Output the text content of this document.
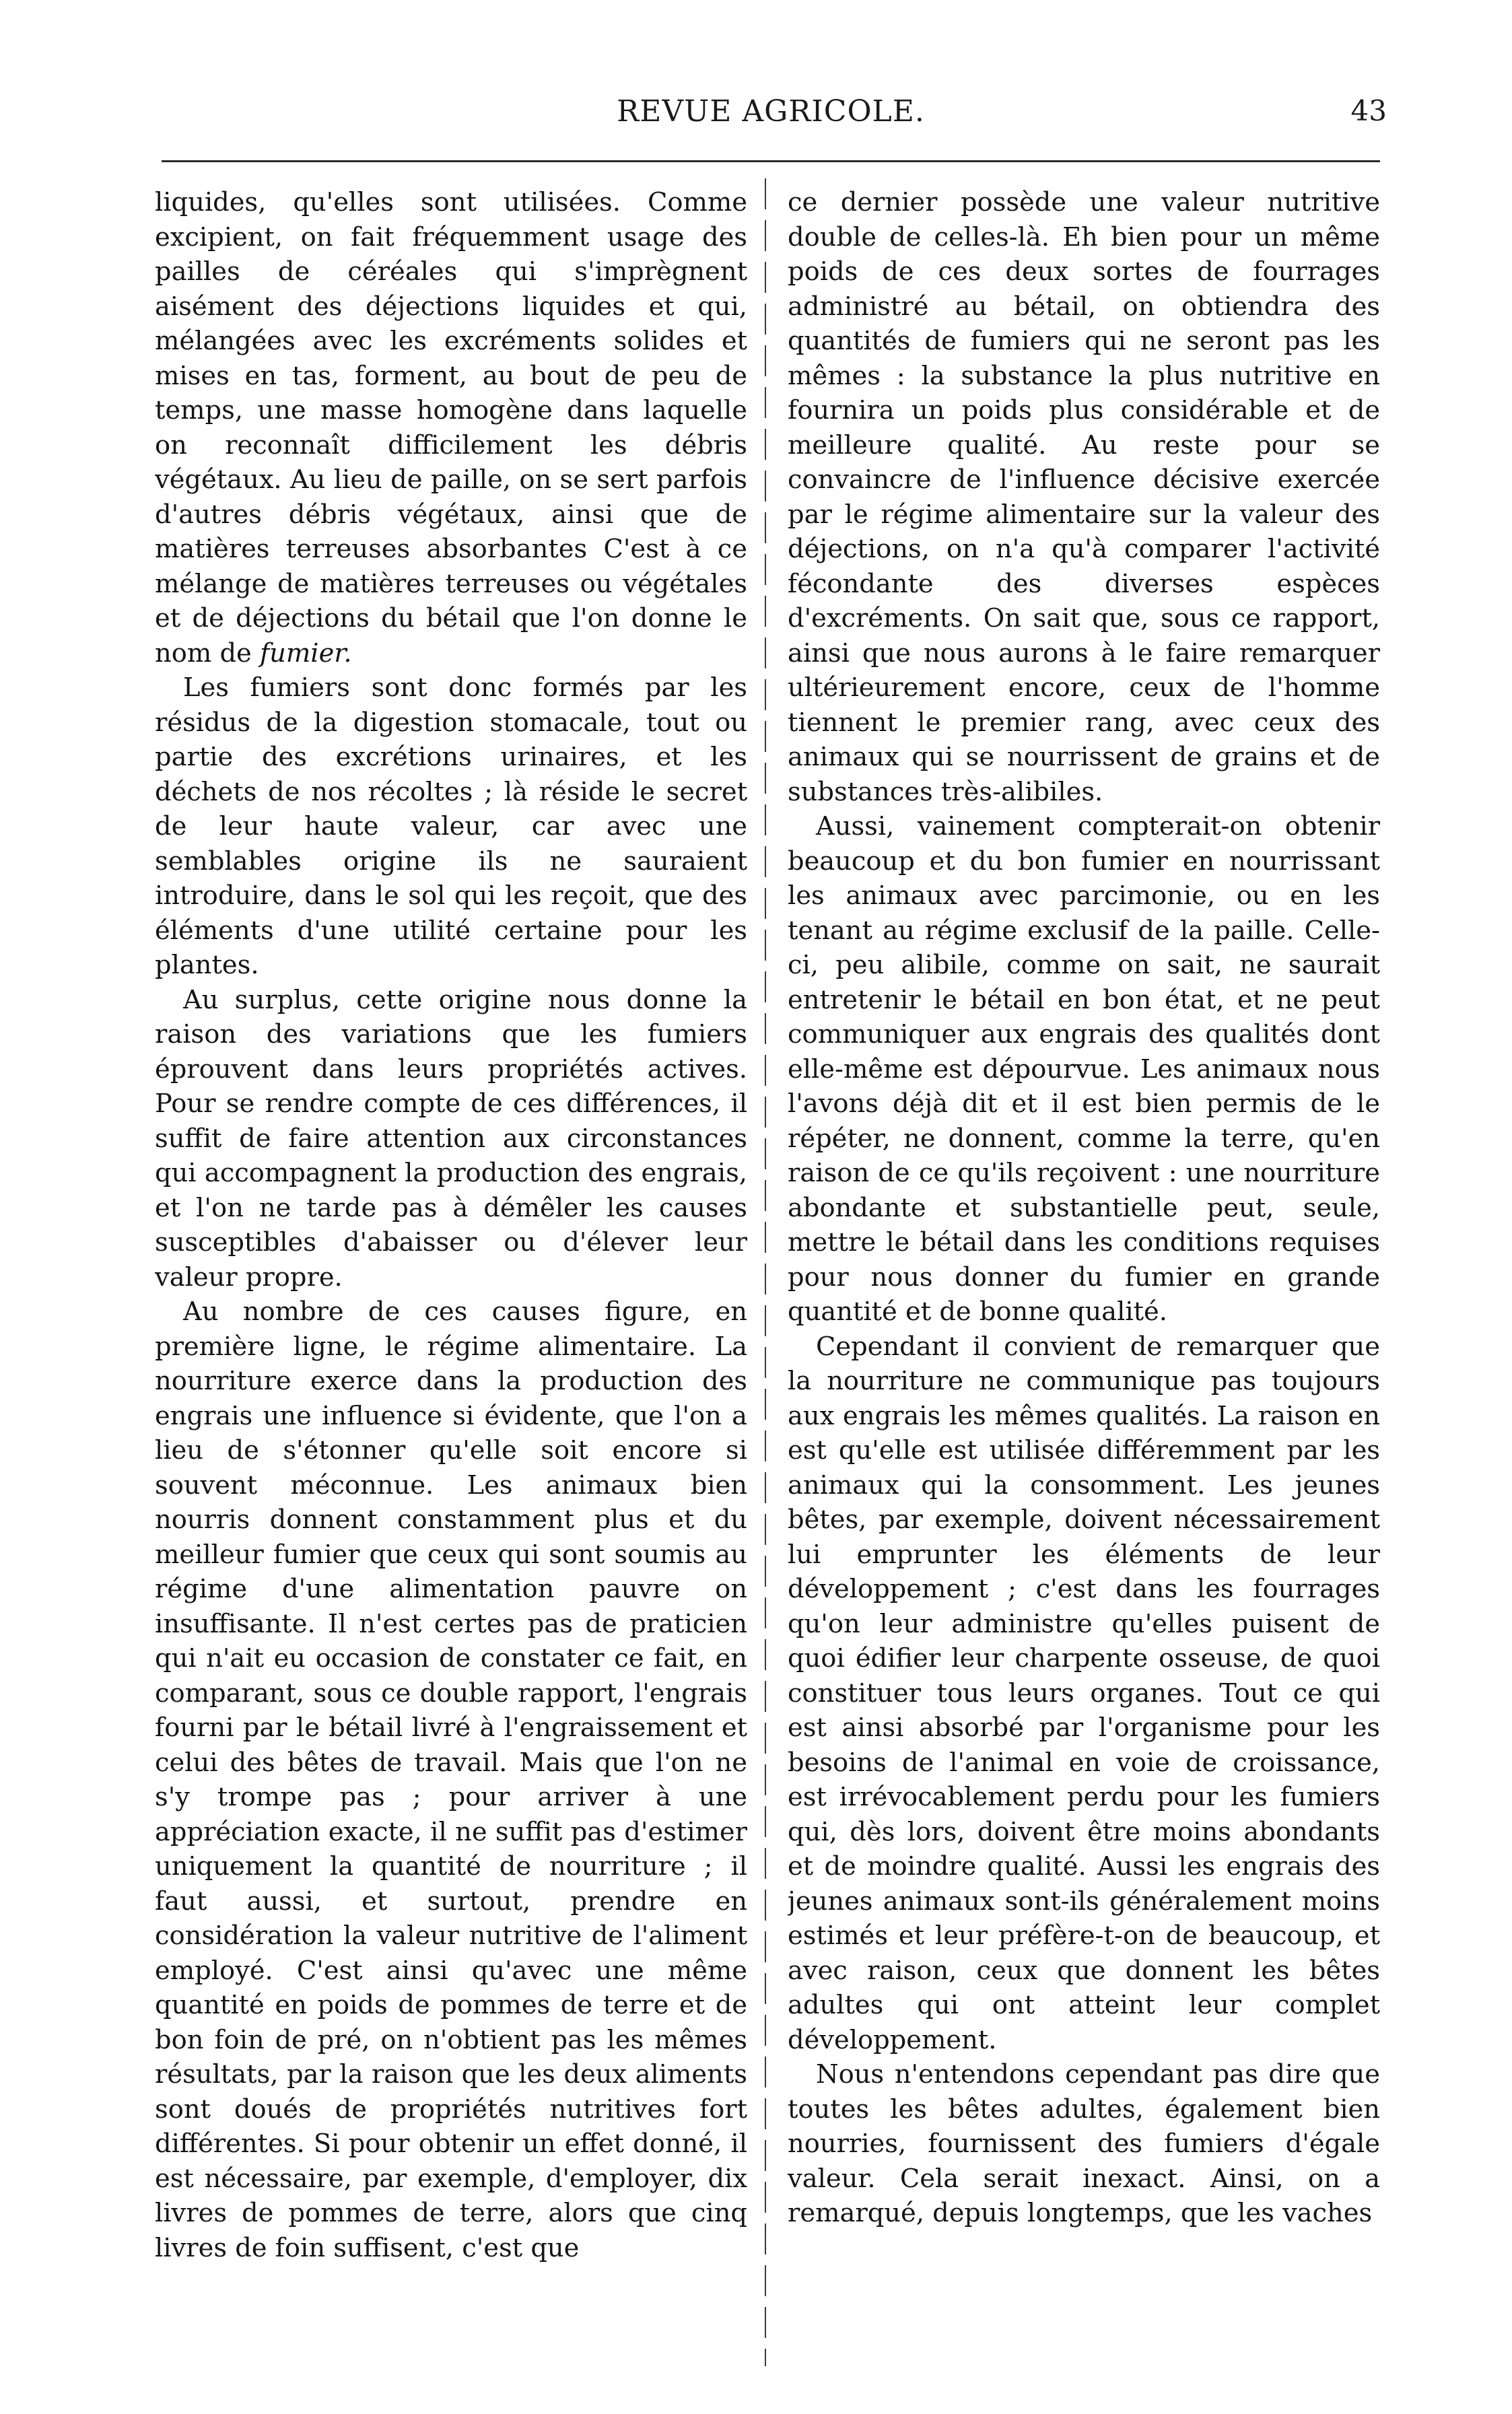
REVUE AGRICOLE.	43

liquides, qu'elles sont utilisées. Comme excipient, on fait fréquemment usage des pailles de céréales qui s'imprègnent aisément des déjections liquides et qui, mélangées avec les excréments solides et mises en tas, forment, au bout de peu de temps, une masse homogène dans laquelle on reconnaît difficilement les débris végétaux. Au lieu de paille, on se sert parfois d'autres débris végétaux, ainsi que de matières terreuses absorbantes C'est à ce mélange de matières terreuses ou végétales et de déjections du bétail que l'on donne le nom de fumier.

Les fumiers sont donc formés par les résidus de la digestion stomacale, tout ou partie des excrétions urinaires, et les déchets de nos récoltes ; là réside le secret de leur haute valeur, car avec une semblables origine ils ne sauraient introduire, dans le sol qui les reçoit, que des éléments d'une utilité certaine pour les plantes.

Au surplus, cette origine nous donne la raison des variations que les fumiers éprouvent dans leurs propriétés actives. Pour se rendre compte de ces différences, il suffit de faire attention aux circonstances qui accompagnent la production des engrais, et l'on ne tarde pas à démêler les causes susceptibles d'abaisser ou d'élever leur valeur propre.

Au nombre de ces causes figure, en première ligne, le régime alimentaire. La nourriture exerce dans la production des engrais une influence si évidente, que l'on a lieu de s'étonner qu'elle soit encore si souvent méconnue. Les animaux bien nourris donnent constamment plus et du meilleur fumier que ceux qui sont soumis au régime d'une alimentation pauvre on insuffisante. Il n'est certes pas de praticien qui n'ait eu occasion de constater ce fait, en comparant, sous ce double rapport, l'engrais fourni par le bétail livré à l'engraissement et celui des bêtes de travail. Mais que l'on ne s'y trompe pas ; pour arriver à une appréciation exacte, il ne suffit pas d'estimer uniquement la quantité de nourriture ; il faut aussi, et surtout, prendre en considération la valeur nutritive de l'aliment employé. C'est ainsi qu'avec une même quantité en poids de pommes de terre et de bon foin de pré, on n'obtient pas les mêmes résultats, par la raison que les deux aliments sont doués de propriétés nutritives fort différentes. Si pour obtenir un effet donné, il est nécessaire, par exemple, d'employer, dix livres de pommes de terre, alors que cinq livres de foin suffisent, c'est que

ce dernier possède une valeur nutritive double de celles-là. Eh bien pour un même poids de ces deux sortes de fourrages administré au bétail, on obtiendra des quantités de fumiers qui ne seront pas les mêmes : la substance la plus nutritive en fournira un poids plus considérable et de meilleure qualité. Au reste pour se convaincre de l'influence décisive exercée par le régime alimentaire sur la valeur des déjections, on n'a qu'à comparer l'activité fécondante des diverses espèces d'excréments. On sait que, sous ce rapport, ainsi que nous aurons à le faire remarquer ultérieurement encore, ceux de l'homme tiennent le premier rang, avec ceux des animaux qui se nourrissent de grains et de substances très-alibiles.

Aussi, vainement compterait-on obtenir beaucoup et du bon fumier en nourrissant les animaux avec parcimonie, ou en les tenant au régime exclusif de la paille. Celle-ci, peu alibile, comme on sait, ne saurait entretenir le bétail en bon état, et ne peut communiquer aux engrais des qualités dont elle-même est dépourvue. Les animaux nous l'avons déjà dit et il est bien permis de le répéter, ne donnent, comme la terre, qu'en raison de ce qu'ils reçoivent : une nourriture abondante et substantielle peut, seule, mettre le bétail dans les conditions requises pour nous donner du fumier en grande quantité et de bonne qualité.

Cependant il convient de remarquer que la nourriture ne communique pas toujours aux engrais les mêmes qualités. La raison en est qu'elle est utilisée différemment par les animaux qui la consomment. Les jeunes bêtes, par exemple, doivent nécessairement lui emprunter les éléments de leur développement ; c'est dans les fourrages qu'on leur administre qu'elles puisent de quoi édifier leur charpente osseuse, de quoi constituer tous leurs organes. Tout ce qui est ainsi absorbé par l'organisme pour les besoins de l'animal en voie de croissance, est irrévocablement perdu pour les fumiers qui, dès lors, doivent être moins abondants et de moindre qualité. Aussi les engrais des jeunes animaux sont-ils généralement moins estimés et leur préfère-t-on de beaucoup, et avec raison, ceux que donnent les bêtes adultes qui ont atteint leur complet développement.

Nous n'entendons cependant pas dire que toutes les bêtes adultes, également bien nourries, fournissent des fumiers d'égale valeur. Cela serait inexact. Ainsi, on a remarqué, depuis longtemps, que les vaches
